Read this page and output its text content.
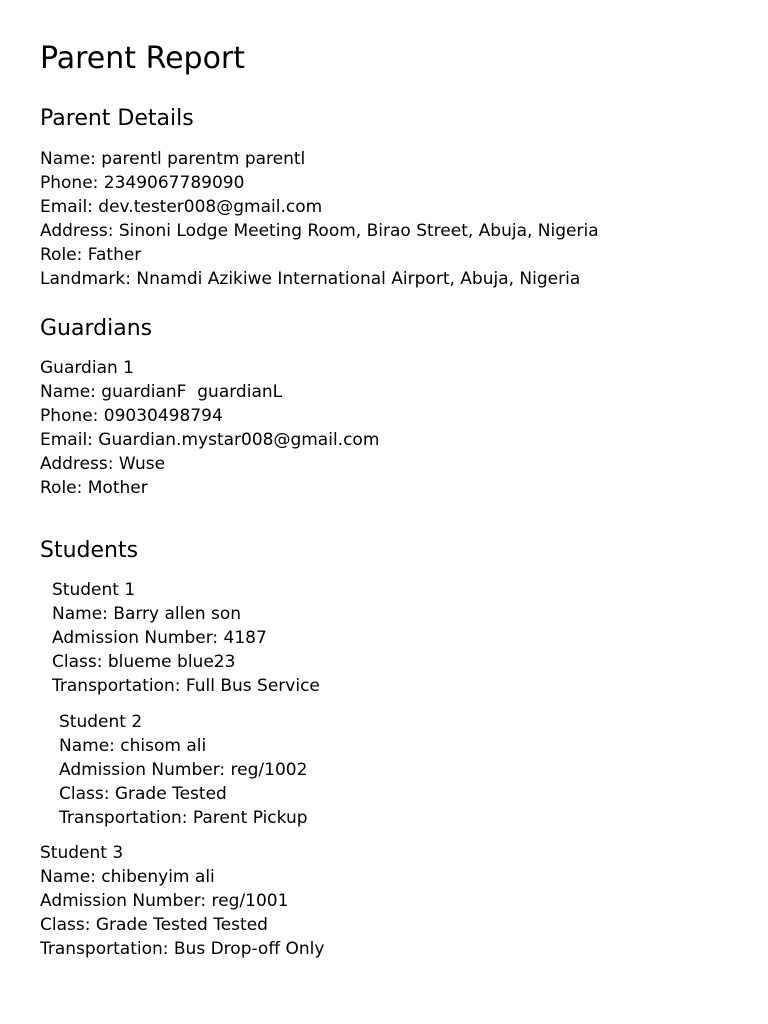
Parent Report
Parent Details
Name: parentl parentm parentl
Phone: 2349067789090
Email: dev.tester008@gmail.com
Address: Sinoni Lodge Meeting Room, Birao Street, Abuja, Nigeria
Role: Father
Landmark: Nnamdi Azikiwe International Airport, Abuja, Nigeria
Guardians
Guardian 1
Name: guardianF  guardianL
Phone: 09030498794
Email: Guardian.mystar008@gmail.com
Address: Wuse
Role: Mother
Students
Student 1
Name: Barry allen son
Admission Number: 4187
Class: blueme blue23
Transportation: Full Bus Service
Student 2
Name: chisom ali
Admission Number: reg/1002
Class: Grade Tested
Transportation: Parent Pickup
Student 3
Name: chibenyim ali
Admission Number: reg/1001
Class: Grade Tested Tested
Transportation: Bus Drop-off Only
